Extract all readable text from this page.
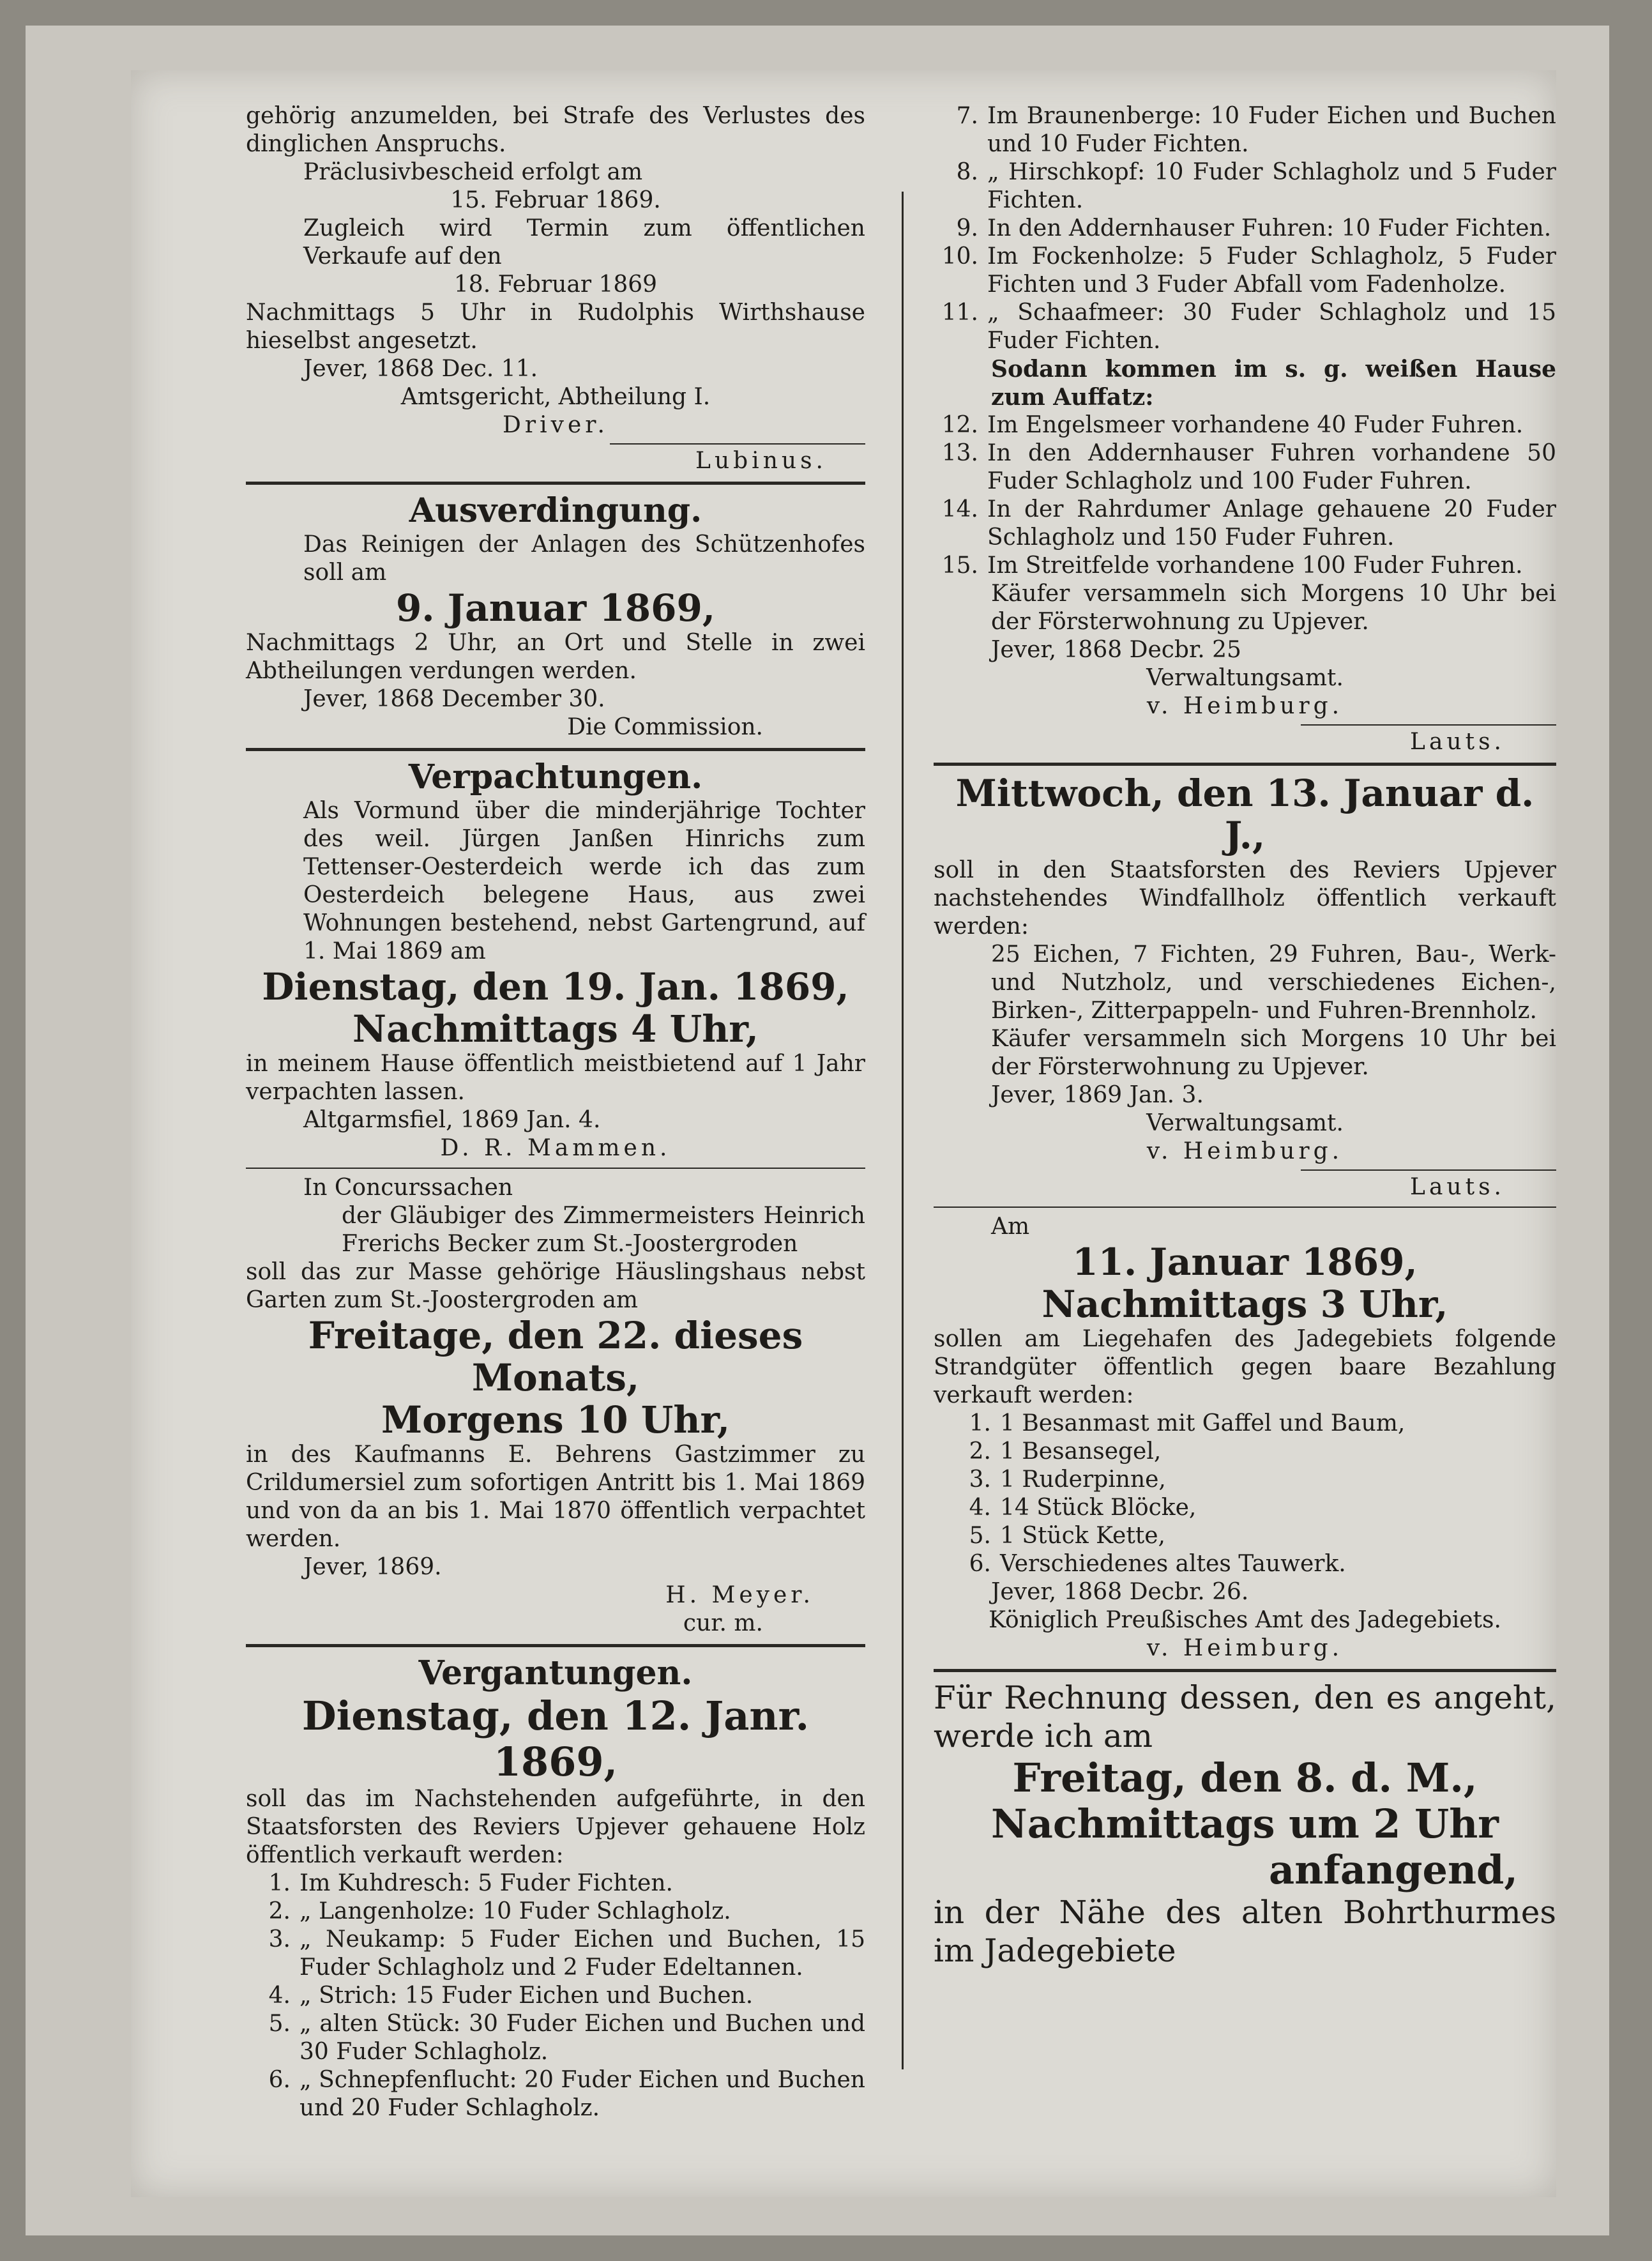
gehörig anzumelden, bei Strafe des Verlustes des dinglichen Anspruchs.

Präclusivbescheid erfolgt am

15. Februar 1869.

Zugleich wird Termin zum öffentlichen Verkaufe auf den

18. Februar 1869

Nachmittags 5 Uhr in Rudolphis Wirthshause hieselbst angesetzt.

Jever, 1868 Dec. 11.

Amtsgericht, Abtheilung I.

Driver.

Lubinus.

Ausverdingung.

Das Reinigen der Anlagen des Schützenhofes soll am

9. Januar 1869,

Nachmittags 2 Uhr, an Ort und Stelle in zwei Abtheilungen verdungen werden.

Jever, 1868 December 30.

Die Commission.

Verpachtungen.

Als Vormund über die minderjährige Tochter des weil. Jürgen Janßen Hinrichs zum Tettenser-Oesterdeich werde ich das zum Oesterdeich belegene Haus, aus zwei Wohnungen bestehend, nebst Gartengrund, auf 1. Mai 1869 am

Dienstag, den 19. Jan. 1869,

Nachmittags 4 Uhr,

in meinem Hause öffentlich meistbietend auf 1 Jahr verpachten lassen.

Altgarmsfiel, 1869 Jan. 4.

D. R. Mammen.

In Concurssachen

der Gläubiger des Zimmermeisters Heinrich Frerichs Becker zum St.-Joostergroden

soll das zur Masse gehörige Häuslingshaus nebst Garten zum St.-Joostergroden am

Freitage, den 22. dieses Monats,

Morgens 10 Uhr,

in des Kaufmanns E. Behrens Gastzimmer zu Crildumersiel zum sofortigen Antritt bis 1. Mai 1869 und von da an bis 1. Mai 1870 öffentlich verpachtet werden.

Jever, 1869.

H. Meyer.

cur. m.

Vergantungen.

Dienstag, den 12. Janr. 1869,

soll das im Nachstehenden aufgeführte, in den Staatsforsten des Reviers Upjever gehauene Holz öffentlich verkauft werden:

1. Im Kuhdresch: 5 Fuder Fichten.
2. „ Langenholze: 10 Fuder Schlagholz.
3. „ Neukamp: 5 Fuder Eichen und Buchen, 15 Fuder Schlagholz und 2 Fuder Edeltannen.
4. „ Strich: 15 Fuder Eichen und Buchen.
5. „ alten Stück: 30 Fuder Eichen und Buchen und 30 Fuder Schlagholz.
6. „ Schnepfenflucht: 20 Fuder Eichen und Buchen und 20 Fuder Schlagholz.
7. Im Braunenberge: 10 Fuder Eichen und Buchen und 10 Fuder Fichten.
8. „ Hirschkopf: 10 Fuder Schlagholz und 5 Fuder Fichten.
9. In den Addernhauser Fuhren: 10 Fuder Fichten.
10. Im Fockenholze: 5 Fuder Schlagholz, 5 Fuder Fichten und 3 Fuder Abfall vom Fadenholze.
11. „ Schaafmeer: 30 Fuder Schlagholz und 15 Fuder Fichten.

Sodann kommen im s. g. weißen Hause zum Auffatz:

12. Im Engelsmeer vorhandene 40 Fuder Fuhren.
13. In den Addernhauser Fuhren vorhandene 50 Fuder Schlagholz und 100 Fuder Fuhren.
14. In der Rahrdumer Anlage gehauene 20 Fuder Schlagholz und 150 Fuder Fuhren.
15. Im Streitfelde vorhandene 100 Fuder Fuhren.

Käufer versammeln sich Morgens 10 Uhr bei der Försterwohnung zu Upjever.

Jever, 1868 Decbr. 25

Verwaltungsamt.

v. Heimburg.

Lauts.

Mittwoch, den 13. Januar d. J.,

soll in den Staatsforsten des Reviers Upjever nachstehendes Windfallholz öffentlich verkauft werden:

25 Eichen, 7 Fichten, 29 Fuhren, Bau-, Werk- und Nutzholz, und verschiedenes Eichen-, Birken-, Zitterpappeln- und Fuhren-Brennholz.

Käufer versammeln sich Morgens 10 Uhr bei der Försterwohnung zu Upjever.

Jever, 1869 Jan. 3.

Verwaltungsamt.

v. Heimburg.

Lauts.

Am

11. Januar 1869,

Nachmittags 3 Uhr,

sollen am Liegehafen des Jadegebiets folgende Strandgüter öffentlich gegen baare Bezahlung verkauft werden:

1. 1 Besanmast mit Gaffel und Baum,
2. 1 Besansegel,
3. 1 Ruderpinne,
4. 14 Stück Blöcke,
5. 1 Stück Kette,
6. Verschiedenes altes Tauwerk.

Jever, 1868 Decbr. 26.

Königlich Preußisches Amt des Jadegebiets.

v. Heimburg.

Für Rechnung dessen, den es angeht, werde ich am

Freitag, den 8. d. M.,

Nachmittags um 2 Uhr

anfangend,

in der Nähe des alten Bohrthurmes im Jadegebiete
